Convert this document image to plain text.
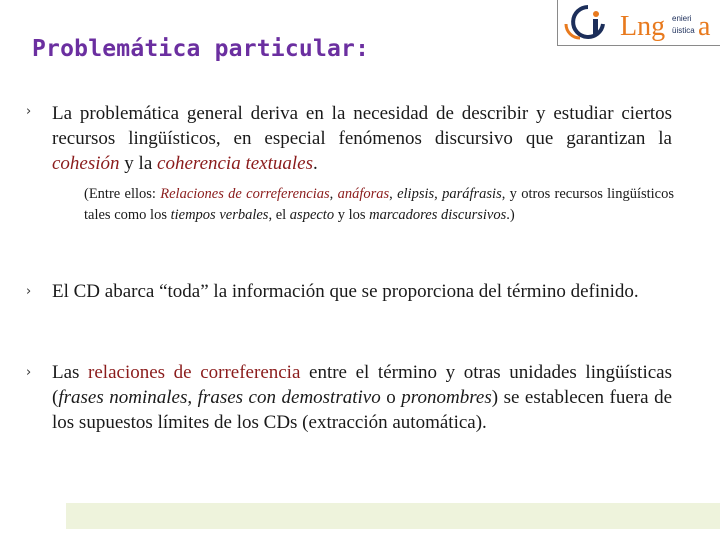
Problemática particular:
Lng enieri
üistica a
› La problemática general deriva en la necesidad de describir y estudiar ciertos recursos lingüísticos, en especial fenómenos discursivo que garantizan la cohesión y la coherencia textuales.
(Entre ellos: Relaciones de correferencias, anáforas, elipsis, paráfrasis, y otros recursos lingüísticos tales como los tiempos verbales, el aspecto y los marcadores discursivos.)
› El CD abarca “toda” la información que se proporciona del término definido.
› Las relaciones de correferencia entre el término y otras unidades lingüísticas (frases nominales, frases con demostrativo o pronombres) se establecen fuera de los supuestos límites de los CDs (extracción automática).
